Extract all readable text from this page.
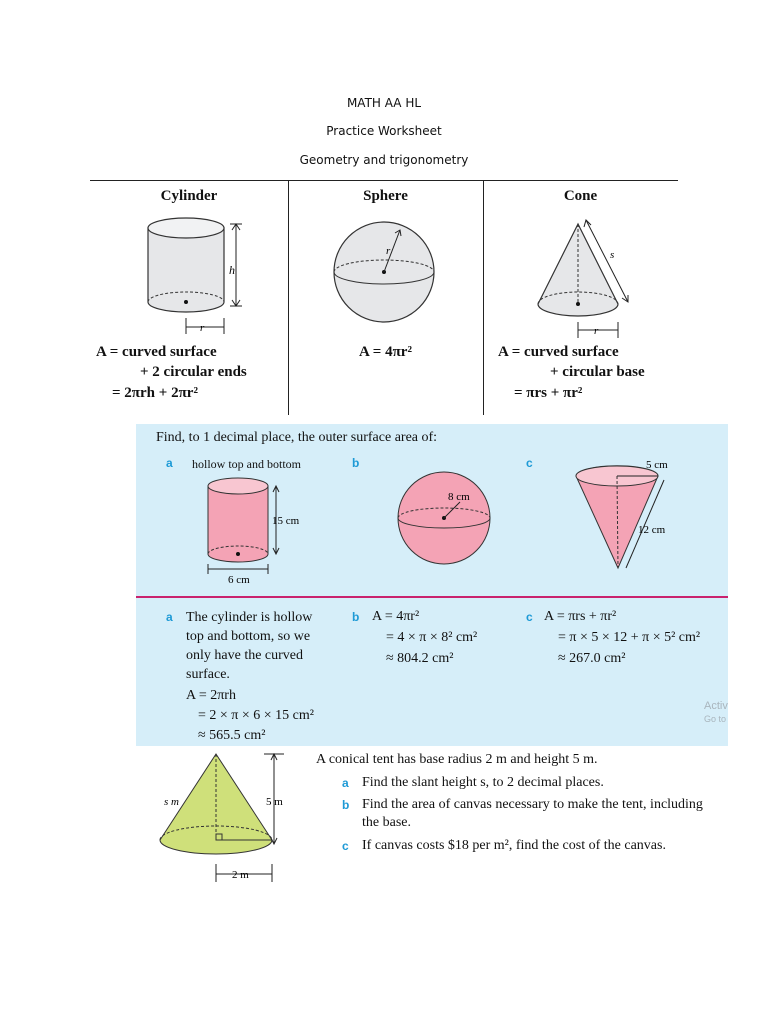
MATH AA HL
Practice Worksheet
Geometry and trigonometry
Cylinder
h
r
A = curved surface
+ 2 circular ends
= 2πrh + 2πr²
Sphere
r
A = 4πr²
Cone
s
r
A = curved surface
+ circular base
= πrs + πr²
Find, to 1 decimal place, the outer surface area of:
a hollow top and bottom
15 cm
6 cm
b
8 cm
c	5 cm
12 cm
a The cylinder is hollow
top and bottom, so we
only have the curved
surface.
A = 2πrh
= 2 × π × 6 × 15 cm²
≈ 565.5 cm²
b A = 4πr²
= 4 × π × 8² cm²
≈ 804.2 cm²
c A = πrs + πr²
= π × 5 × 12 + π × 5² cm²
≈ 267.0 cm²
Activ
Go to
s m	5 m
2 m
A conical tent has base radius 2 m and height 5 m.
a Find the slant height s, to 2 decimal places.
b Find the area of canvas necessary to make the tent, including
the base.
c If canvas costs $18 per m², find the cost of the canvas.
